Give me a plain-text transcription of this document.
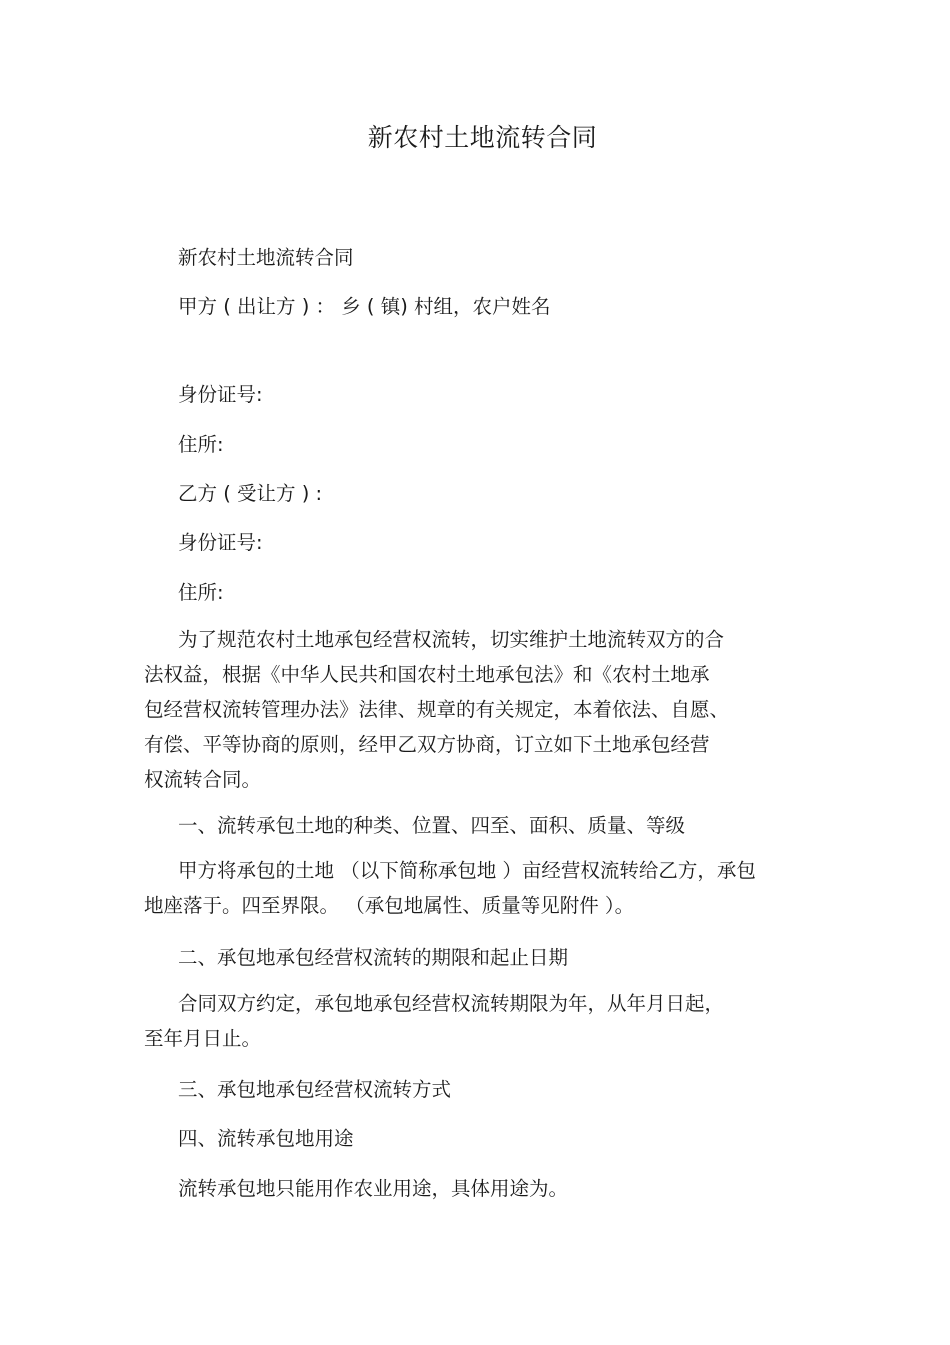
新农村土地流转合同

新农村土地流转合同

甲方 ( 出让方 ) ： 乡 ( 镇) 村组，农户姓名

身份证号:

住所:

乙方 ( 受让方 ) :

身份证号:

住所:

为了规范农村土地承包经营权流转，切实维护土地流转双方的合
法权益，根据《中华人民共和国农村土地承包法》和《农村土地承
包经营权流转管理办法》法律、规章的有关规定，本着依法、自愿、
有偿、平等协商的原则，经甲乙双方协商，订立如下土地承包经营
权流转合同。

一、流转承包土地的种类、位置、四至、面积、质量、等级

甲方将承包的土地 （以下简称承包地 ）亩经营权流转给乙方，承包
地座落于。四至界限。 （承包地属性、质量等见附件 ）。

二、承包地承包经营权流转的期限和起止日期

合同双方约定，承包地承包经营权流转期限为年，从年月日起，
至年月日止。

三、承包地承包经营权流转方式

四、流转承包地用途

流转承包地只能用作农业用途，具体用途为。
